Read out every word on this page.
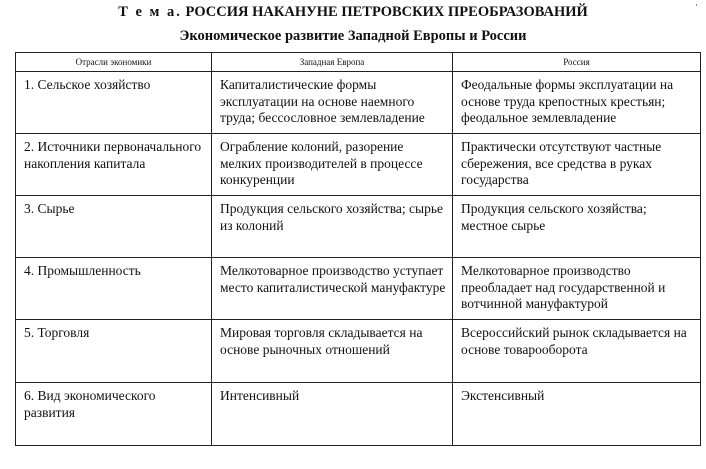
Т е м а. РОССИЯ НАКАНУНЕ ПЕТРОВСКИХ ПРЕОБРАЗОВАНИЙ
Экономическое развитие Западной Европы и России
·
Отрасли экономики	Западная Европа	Россия
1. Сельское хозяйство	Капиталистические формы эксплуатации на основе наемного труда; бессословное землевладение	Феодальные формы эксплуатации на основе труда крепостных крестьян; феодальное землевладение
2. Источники первоначального накопления капитала	Ограбление колоний, разорение мелких производителей в процессе конкуренции	Практически отсутствуют частные сбережения, все средства в руках государства
3. Сырье	Продукция сельского хозяйства; сырье из колоний	Продукция сельского хозяйства; местное сырье
4. Промышленность	Мелкотоварное производство уступает место капиталистической мануфактуре	Мелкотоварное производство преобладает над государственной и вотчинной мануфактурой
5. Торговля	Мировая торговля складывается на основе рыночных отношений	Всероссийский рынок складывается на основе товарооборота
6. Вид экономического развития	Интенсивный	Экстенсивный
